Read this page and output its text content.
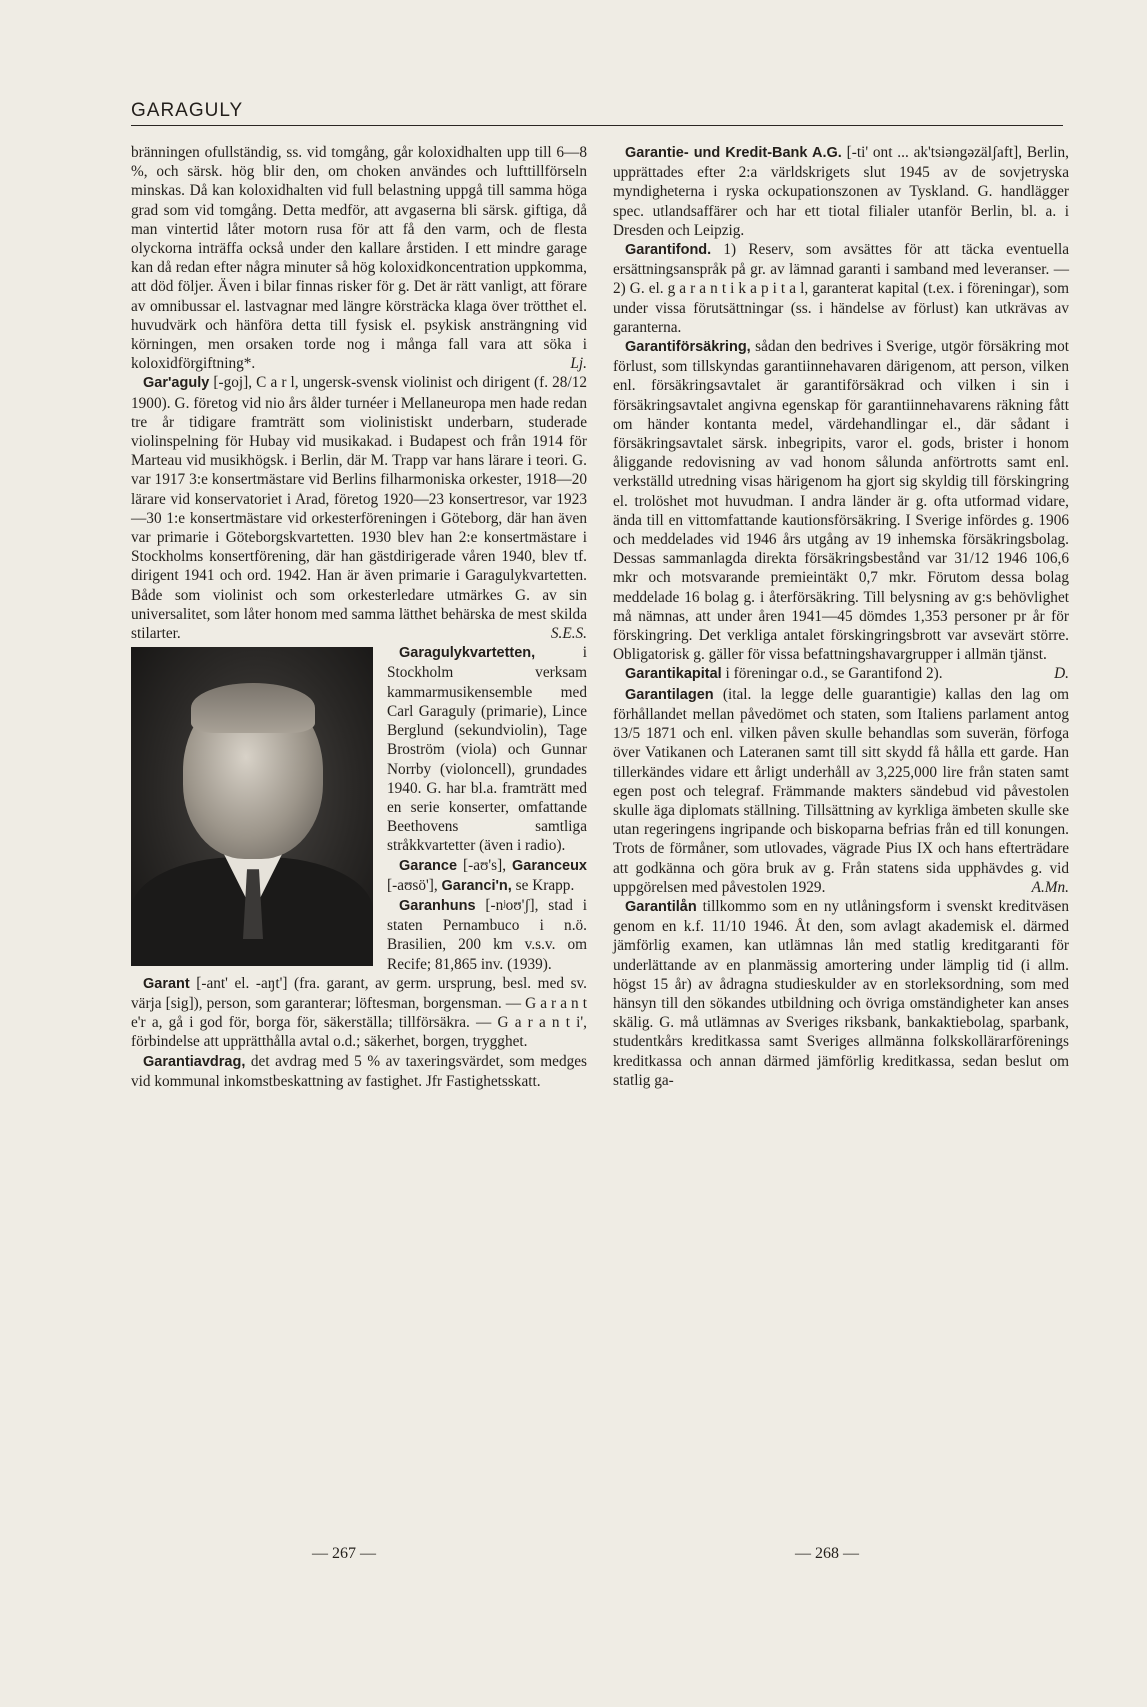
GARAGULY

bränningen ofullständig, ss. vid tomgång, går koloxidhalten upp till 6—8 %, och särsk. hög blir den, om choken användes och lufttillförseln minskas. Då kan koloxidhalten vid full belastning uppgå till samma höga grad som vid tomgång. Detta medför, att avgaserna bli särsk. giftiga, då man vintertid låter motorn rusa för att få den varm, och de flesta olyckorna inträffa också under den kallare årstiden. I ett mindre garage kan då redan efter några minuter så hög koloxidkoncentration uppkomma, att död följer. Även i bilar finnas risker för g. Det är rätt vanligt, att förare av omnibussar el. lastvagnar med längre körsträcka klaga över trötthet el. huvudvärk och hänföra detta till fysisk el. psykisk ansträngning vid körningen, men orsaken torde nog i många fall vara att söka i koloxidförgiftning*.	Lj.

Gar'aguly [-goj], C a r l, ungersk-svensk violinist och dirigent (f. 28/12 1900). G. företog vid nio års ålder turnéer i Mellaneuropa men hade redan tre år tidigare framträtt som violinistiskt underbarn, studerade violinspelning för Hubay vid musikakad. i Budapest och från 1914 för Marteau vid musikhögsk. i Berlin, där M. Trapp var hans lärare i teori. G. var 1917 3:e konsertmästare vid Berlins filharmoniska orkester, 1918—20 lärare vid konservatoriet i Arad, företog 1920—23 konsertresor, var 1923—30 1:e konsertmästare vid orkesterföreningen i Göteborg, där han även var primarie i Göteborgskvartetten. 1930 blev han 2:e konsertmästare i Stockholms konsertförening, där han gästdirigerade våren 1940, blev tf. dirigent 1941 och ord. 1942. Han är även primarie i Garagulykvartetten. Både som violinist och som orkesterledare utmärkes G. av sin universalitet, som låter honom med samma lätthet behärska de mest skilda stilarter.	S.E.S.

Garagulykvartetten, i Stockholm verksam kammarmusikensemble med Carl Garaguly (primarie), Lince Berglund (sekundviolin), Tage Broström (viola) och Gunnar Norrby (violoncell), grundades 1940. G. har bl.a. framträtt med en serie konserter, omfattande Beethovens samtliga stråkkvartetter (även i radio).

Garance [-aʊ's], Garanceux [-aʊsö'], Garanci'n, se Krapp.

Garanhuns [-nʲoʊ'ʃ], stad i staten Pernambuco i n.ö. Brasilien, 200 km v.s.v. om Recife; 81,865 inv. (1939).

Garant [-ant' el. -aŋt'] (fra. garant, av germ. ursprung, besl. med sv. värja [sig]), person, som garanterar; löftesman, borgensman. — G a r a n t e'r a, gå i god för, borga för, säkerställa; tillförsäkra. — G a r a n t i', förbindelse att upprätthålla avtal o.d.; säkerhet, borgen, trygghet.

Garantiavdrag, det avdrag med 5 % av taxeringsvärdet, som medges vid kommunal inkomstbeskattning av fastighet. Jfr Fastighetsskatt.

Garantie- und Kredit-Bank A.G. [-ti' ont ... ak'tsiəngəzälʃaft], Berlin, upprättades efter 2:a världskrigets slut 1945 av de sovjetryska myndigheterna i ryska ockupationszonen av Tyskland. G. handlägger spec. utlandsaffärer och har ett tiotal filialer utanför Berlin, bl. a. i Dresden och Leipzig.

Garantifond. 1) Reserv, som avsättes för att täcka eventuella ersättningsanspråk på gr. av lämnad garanti i samband med leveranser. — 2) G. el. g a r a n t i k a p i t a l, garanterat kapital (t.ex. i föreningar), som under vissa förutsättningar (ss. i händelse av förlust) kan utkrävas av garanterna.

Garantiförsäkring, sådan den bedrives i Sverige, utgör försäkring mot förlust, som tillskyndas garantiinnehavaren därigenom, att person, vilken enl. försäkringsavtalet är garantiförsäkrad och vilken i sin i försäkringsavtalet angivna egenskap för garantiinnehavarens räkning fått om händer kontanta medel, värdehandlingar el., där sådant i försäkringsavtalet särsk. inbegripits, varor el. gods, brister i honom åliggande redovisning av vad honom sålunda anförtrotts samt enl. verkställd utredning visas härigenom ha gjort sig skyldig till förskingring el. trolöshet mot huvudman. I andra länder är g. ofta utformad vidare, ända till en vittomfattande kautionsförsäkring. I Sverige infördes g. 1906 och meddelades vid 1946 års utgång av 19 inhemska försäkringsbolag. Dessas sammanlagda direkta försäkringsbestånd var 31/12 1946 106,6 mkr och motsvarande premieintäkt 0,7 mkr. Förutom dessa bolag meddelade 16 bolag g. i återförsäkring. Till belysning av g:s behövlighet må nämnas, att under åren 1941—45 dömdes 1,353 personer pr år för förskingring. Det verkliga antalet förskingringsbrott var avsevärt större. Obligatorisk g. gäller för vissa befattningshavargrupper i allmän tjänst.
D.

Garantikapital i föreningar o.d., se Garantifond 2).

Garantilagen (ital. la legge delle guarantigie) kallas den lag om förhållandet mellan påvedömet och staten, som Italiens parlament antog 13/5 1871 och enl. vilken påven skulle behandlas som suverän, förfoga över Vatikanen och Lateranen samt till sitt skydd få hålla ett garde. Han tillerkändes vidare ett årligt underhåll av 3,225,000 lire från staten samt egen post och telegraf. Främmande makters sändebud vid påvestolen skulle äga diplomats ställning. Tillsättning av kyrkliga ämbeten skulle ske utan regeringens ingripande och biskoparna befrias från ed till konungen. Trots de förmåner, som utlovades, vägrade Pius IX och hans efterträdare att godkänna och göra bruk av g. Från statens sida upphävdes g. vid uppgörelsen med påvestolen 1929.	A.Mn.

Garantilån tillkommo som en ny utlåningsform i svenskt kreditväsen genom en k.f. 11/10 1946. Åt den, som avlagt akademisk el. därmed jämförlig examen, kan utlämnas lån med statlig kreditgaranti för underlättande av en planmässig amortering under lämplig tid (i allm. högst 15 år) av ådragna studieskulder av en storleksordning, som med hänsyn till den sökandes utbildning och övriga omständigheter kan anses skälig. G. må utlämnas av Sveriges riksbank, bankaktiebolag, sparbank, studentkårs kreditkassa samt Sveriges allmänna folkskollärarförenings kreditkassa och annan därmed jämförlig kreditkassa, sedan beslut om statlig ga-

— 267 —	— 268 —
